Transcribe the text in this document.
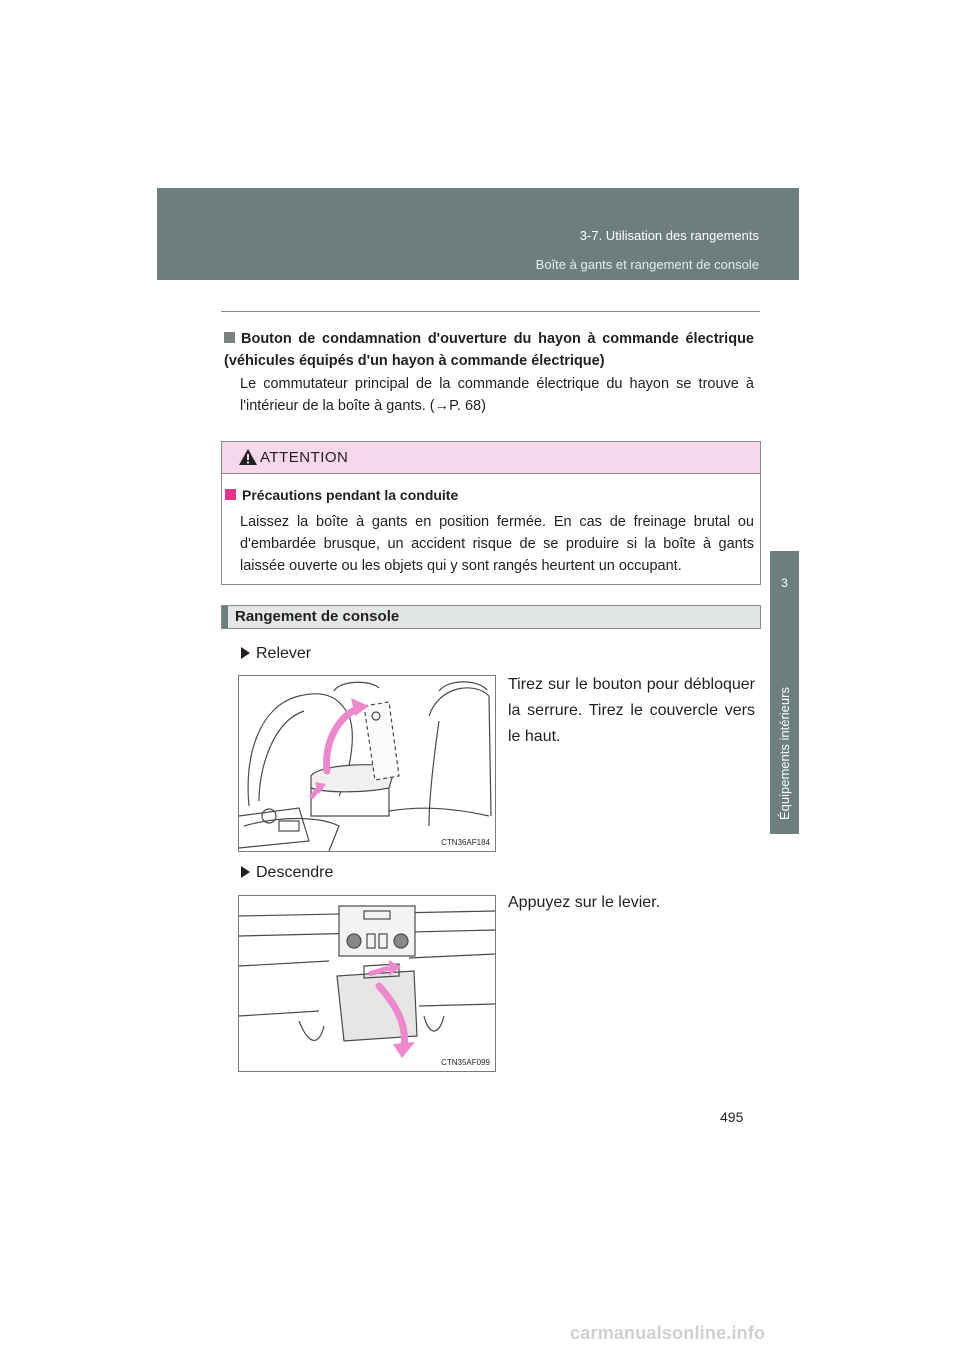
3-7. Utilisation des rangements
Boîte à gants et rangement de console
3
Équipements intérieurs
Bouton de condamnation d'ouverture du hayon à commande électrique (véhicules équipés d'un hayon à commande électrique)
Le commutateur principal de la commande électrique du hayon se trouve à l'intérieur de la boîte à gants. (→P. 68)
ATTENTION
Précautions pendant la conduite
Laissez la boîte à gants en position fermée. En cas de freinage brutal ou d'embardée brusque, un accident risque de se produire si la boîte à gants laissée ouverte ou les objets qui y sont rangés heurtent un occupant.
Rangement de console
Relever
Tirez sur le bouton pour débloquer la serrure. Tirez le couvercle vers le haut.
CTN36AF184
Descendre
Appuyez sur le levier.
CTN35AF099
495
carmanualsonline.info
